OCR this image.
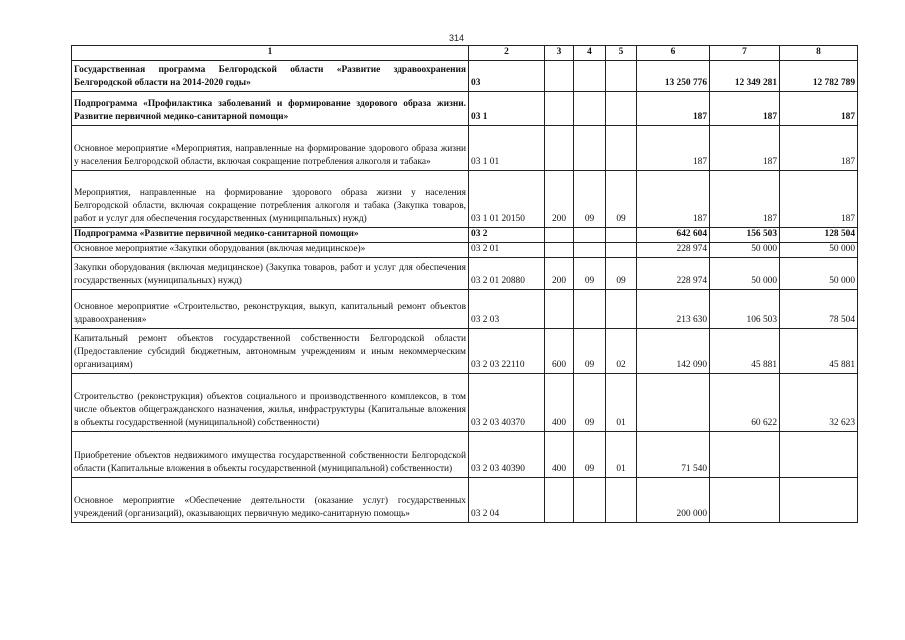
314
1	2	3	4	5	6	7	8
Государственная программа Белгородской области «Развитие здравоохранения Белгородской области на 2014-2020 годы»	03				13 250 776	12 349 281	12 782 789
Подпрограмма «Профилактика заболеваний и формирование здорового образа жизни. Развитие первичной медико-санитарной помощи»	03 1				187	187	187
Основное мероприятие «Мероприятия, направленные на формирование здорового образа жизни у населения Белгородской области, включая сокращение потребления алкоголя и табака»	03 1 01				187	187	187
Мероприятия, направленные на формирование здорового образа жизни у населения Белгородской области, включая сокращение потребления алкоголя и табака (Закупка товаров, работ и услуг для обеспечения государственных (муниципальных) нужд)	03 1 01 20150	200	09	09	187	187	187
Подпрограмма «Развитие первичной медико-санитарной помощи»	03 2				642 604	156 503	128 504
Основное мероприятие «Закупки оборудования (включая медицинское)»	03 2 01				228 974	50 000	50 000
Закупки оборудования (включая медицинское) (Закупка товаров, работ и услуг для обеспечения государственных (муниципальных) нужд)	03 2 01 20880	200	09	09	228 974	50 000	50 000
Основное мероприятие «Строительство, реконструкция, выкуп, капитальный ремонт объектов здравоохранения»	03 2 03				213 630	106 503	78 504
Капитальный ремонт объектов государственной собственности Белгородской области (Предоставление субсидий бюджетным, автономным учреждениям и иным некоммерческим организациям)	03 2 03 22110	600	09	02	142 090	45 881	45 881
Строительство (реконструкция) объектов социального и производственного комплексов, в том числе объектов общегражданского назначения, жилья, инфраструктуры (Капитальные вложения в объекты государственной (муниципальной) собственности)	03 2 03 40370	400	09	01		60 622	32 623
Приобретение объектов недвижимого имущества государственной собственности Белгородской области (Капитальные вложения в объекты государственной (муниципальной) собственности)	03 2 03 40390	400	09	01	71 540		
Основное мероприятие «Обеспечение деятельности (оказание услуг) государственных учреждений (организаций), оказывающих первичную медико-санитарную помощь»	03 2 04				200 000		
